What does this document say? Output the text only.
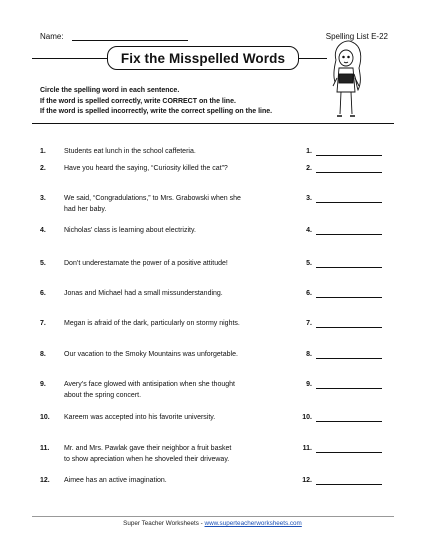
Name:	Spelling List E-22
Fix the Misspelled Words
Circle the spelling word in each sentence.
If the word is spelled correctly, write CORRECT on the line.
If the word is spelled incorrectly, write the correct spelling on the line.
1.	Students eat lunch in the school caffeteria.	1.
2.	Have you heard the saying, “Curiosity killed the cat”?	2.
3.	We said, “Congradulations,” to Mrs. Grabowski when she
had her baby.
3.
4.	Nicholas’ class is learning about electrizity.	4.
5.	Don’t underestamate the power of a positive attitude!	5.
6.	Jonas and Michael had a small missunderstanding.	6.
7.	Megan is afraid of the dark, particularly on stormy nights.	7.
8.	Our vacation to the Smoky Mountains was unforgetable.	8.
9.	Avery’s face glowed with antisipation when she thought
about the spring concert.
9.
10. Kareem was accepted into his favorite university.	10.
11. Mr. and Mrs. Pawlak gave their neighbor a fruit basket
to show apreciation when he shoveled their driveway.
11.
12. Aimee has an active imagination.	12.
Super Teacher Worksheets - www.superteacherworksheets.com
